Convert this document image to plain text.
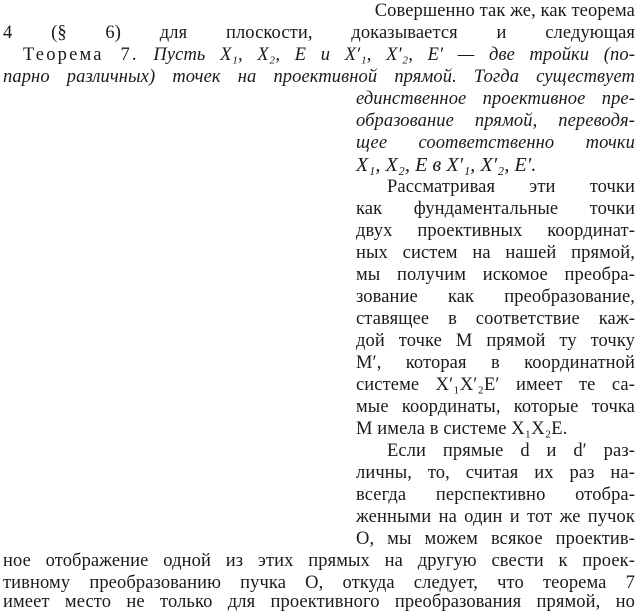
Совершенно так же, как теорема
4 (§ 6) для плоскости, доказывается и следующая
Теорема 7. Пусть X₁, X₂, E и X′₁, X′₂, E′ — две тройки (по-
парно различных) точек на проективной прямой. Тогда существует
единственное проективное пре-
образование прямой, переводя-
щее соответственно точки
X₁, X₂, E в X′₁, X′₂, E′.
Рассматривая эти точки
как фундаментальные точки
двух проективных координат-
ных систем на нашей прямой,
мы получим искомое преобра-
зование как преобразование,
ставящее в соответствие каж-
дой точке M прямой ту точку
M′, которая в координатной
системе X′₁X′₂E′ имеет те са-
мые координаты, которые точка
M имела в системе X₁X₂E.
Если прямые d и d′ раз-
личны, то, считая их раз на-
всегда перспективно отобра-
женными на один и тот же пучок
O, мы можем всякое проектив-
ное отображение одной из этих прямых на другую свести к проек-
тивному преобразованию пучка O, откуда следует, что теорема 7
имеет место не только для проективного преобразования прямой, но
